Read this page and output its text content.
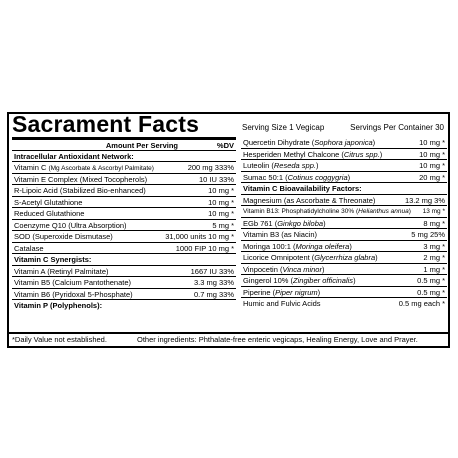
Sacrament Facts	Serving Size 1 Vegicap	Servings Per Container 30
Amount Per Serving	%DV
Intracellular Antioxidant Network:
Vitamin C (Mg Ascorbate & Ascorbyl Palmitate)	200 mg 333%
Vitamin E Complex (Mixed Tocopherols)	10 IU 33%
R-Lipoic Acid (Stabilized Bio-enhanced)	10 mg *
S-Acetyl Glutathione	10 mg *
Reduced Glutathione	10 mg *
Coenzyme Q10 (Ultra Absorption)	5 mg *
SOD (Superoxide Dismutase)	31,000 units 10 mg *
Catalase	1000 FIP 10 mg *
Vitamin C Synergists:
Vitamin A (Retinyl Palmitate)	1667 IU 33%
Vitamin B5 (Calcium Pantothenate)	3.3 mg 33%
Vitamin B6 (Pyridoxal 5-Phosphate)	0.7 mg 33%
Vitamin P (Polyphenols):
Quercetin Dihydrate (Sophora japonica)	10 mg *
Hesperiden Methyl Chalcone (Citrus spp.)	10 mg *
Luteolin (Reseda spp.)	10 mg *
Sumac 50:1 (Cotinus coggygria)	20 mg *
Vitamin C Bioavailability Factors:
Magnesium (as Ascorbate & Threonate)	13.2 mg 3%
Vitamin B13: Phosphatidylcholine 30% (Helianthus annua) 13 mg *
EGb 761 (Ginkgo biloba)	8 mg *
Vitamin B3 (as Niacin)	5 mg 25%
Moringa 100:1 (Moringa oleifera)	3 mg *
Licorice Omnipotent (Glycerrhiza glabra)	2 mg *
Vinpocetin (Vinca minor)	1 mg *
Gingerol 10% (Zingiber officinalis)	0.5 mg *
Piperine (Piper nigrum)	0.5 mg *
Humic and Fulvic Acids	0.5 mg each *
*Daily Value not established.	Other ingredients: Phthalate-free enteric vegicaps, Healing Energy, Love and Prayer.
